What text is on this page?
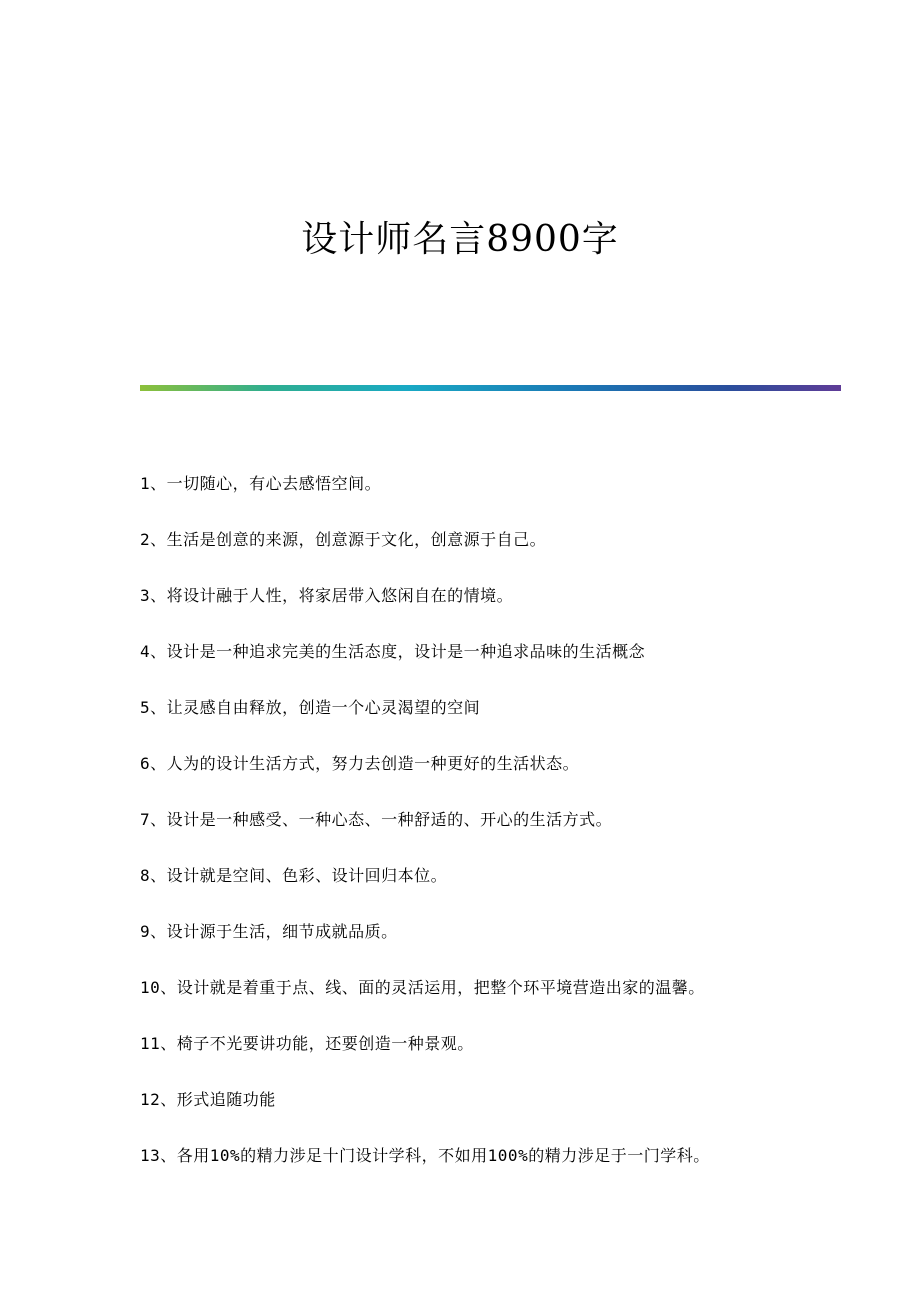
设计师名言8900字
1、一切随心，有心去感悟空间。
2、生活是创意的来源，创意源于文化，创意源于自己。
3、将设计融于人性，将家居带入悠闲自在的情境。
4、设计是一种追求完美的生活态度，设计是一种追求品味的生活概念
5、让灵感自由释放，创造一个心灵渴望的空间
6、人为的设计生活方式，努力去创造一种更好的生活状态。
7、设计是一种感受、一种心态、一种舒适的、开心的生活方式。
8、设计就是空间、色彩、设计回归本位。
9、设计源于生活，细节成就品质。
10、设计就是着重于点、线、面的灵活运用，把整个环平境营造出家的温馨。
11、椅子不光要讲功能，还要创造一种景观。
12、形式追随功能
13、各用10%的精力涉足十门设计学科，不如用100%的精力涉足于一门学科。
